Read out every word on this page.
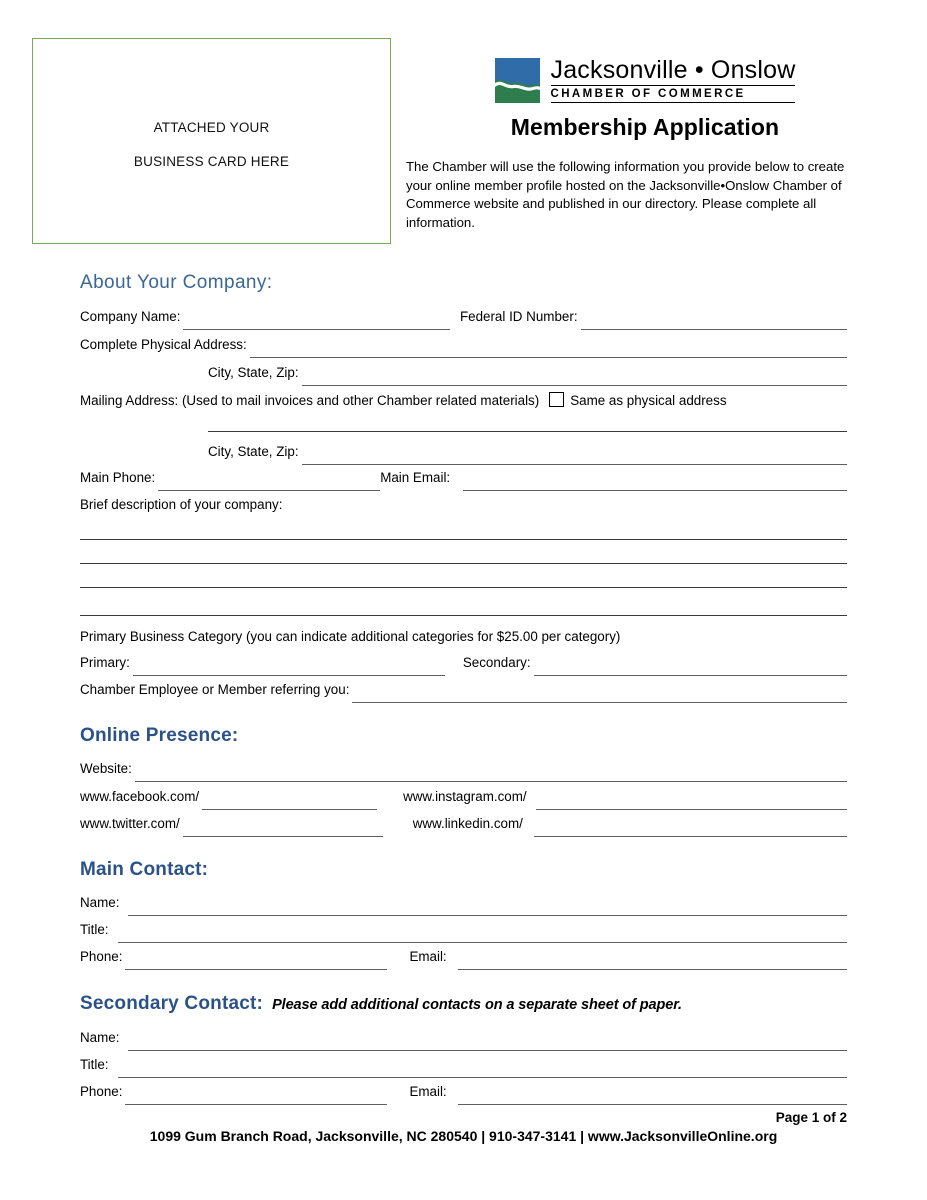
ATTACHED YOUR
BUSINESS CARD HERE
Jacksonville • Onslow
CHAMBER OF COMMERCE
Membership Application
The Chamber will use the following information you provide below to create your online member profile hosted on the Jacksonville•Onslow Chamber of Commerce website and published in our directory. Please complete all information.
About Your Company:
Company Name:	Federal ID Number:
Complete Physical Address:
City, State, Zip:
Mailing Address: (Used to mail invoices and other Chamber related materials) Same as physical address
City, State, Zip:
Main Phone:	Main Email:
Brief description of your company:
Primary Business Category (you can indicate additional categories for $25.00 per category)
Primary:	Secondary:
Chamber Employee or Member referring you:
Online Presence:
Website:
www.facebook.com/	www.instagram.com/
www.twitter.com/	www.linkedin.com/
Main Contact:
Name:
Title:
Phone:	Email:
Secondary Contact: Please add additional contacts on a separate sheet of paper.
Name:
Title:
Phone:	Email:
Page 1 of 2
1099 Gum Branch Road, Jacksonville, NC 280540 | 910-347-3141 | www.JacksonvilleOnline.org
